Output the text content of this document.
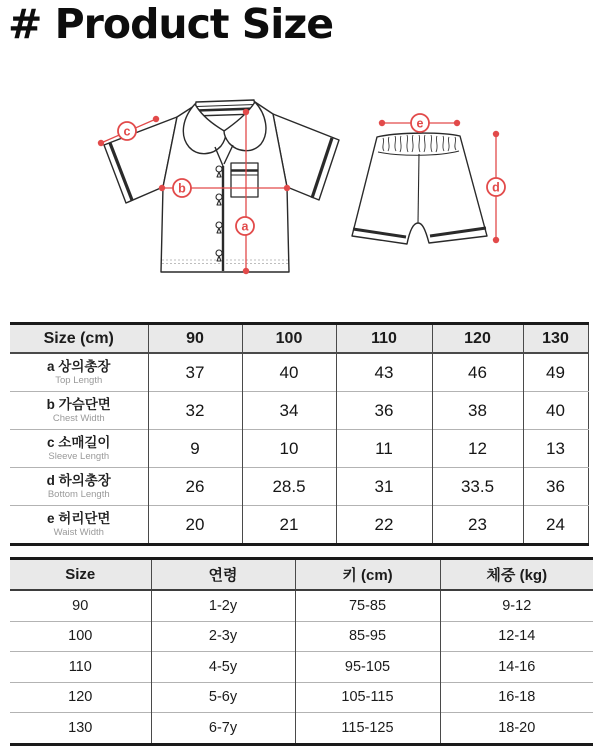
# Product Size
c
b
a
e
d
Size (cm)	90	100	110	120	130

a 상의총장
Top Length	37	40	43	46	49

b 가슴단면
Chest Width	32	34	36	38	40

c 소매길이
Sleeve Length	9	10	11	12	13

d 하의총장
Bottom Length	26	28.5	31	33.5	36

e 허리단면
Waist Width	20	21	22	23	24
Size	연령	키 (cm)	체중 (kg)
90	1-2y	75-85	9-12
100	2-3y	85-95	12-14
110	4-5y	95-105	14-16
120	5-6y	105-115	16-18
130	6-7y	115-125	18-20
